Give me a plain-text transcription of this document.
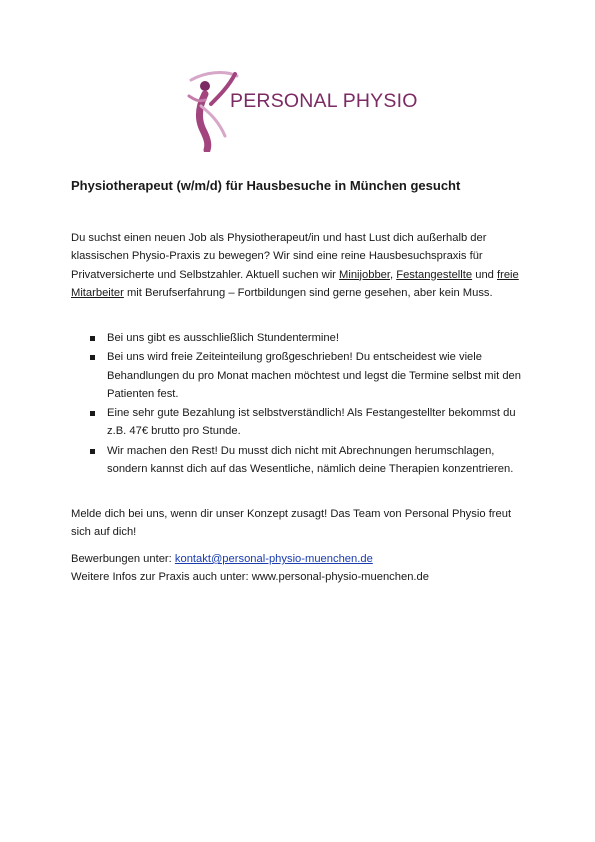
PERSONAL PHYSIO
Physiotherapeut (w/m/d) für Hausbesuche in München gesucht
Du suchst einen neuen Job als Physiotherapeut/in und hast Lust dich außerhalb der klassischen Physio-Praxis zu bewegen? Wir sind eine reine Hausbesuchspraxis für Privatversicherte und Selbstzahler. Aktuell suchen wir Minijobber, Festangestellte und freie Mitarbeiter mit Berufserfahrung – Fortbildungen sind gerne gesehen, aber kein Muss.
Bei uns gibt es ausschließlich Stundentermine!
Bei uns wird freie Zeiteinteilung großgeschrieben! Du entscheidest wie viele Behandlungen du pro Monat machen möchtest und legst die Termine selbst mit den Patienten fest.
Eine sehr gute Bezahlung ist selbstverständlich! Als Festangestellter bekommst du z.B. 47€ brutto pro Stunde.
Wir machen den Rest! Du musst dich nicht mit Abrechnungen herumschlagen, sondern kannst dich auf das Wesentliche, nämlich deine Therapien konzentrieren.
Melde dich bei uns, wenn dir unser Konzept zusagt! Das Team von Personal Physio freut sich auf dich!
Bewerbungen unter: kontakt@personal-physio-muenchen.de
Weitere Infos zur Praxis auch unter: www.personal-physio-muenchen.de
